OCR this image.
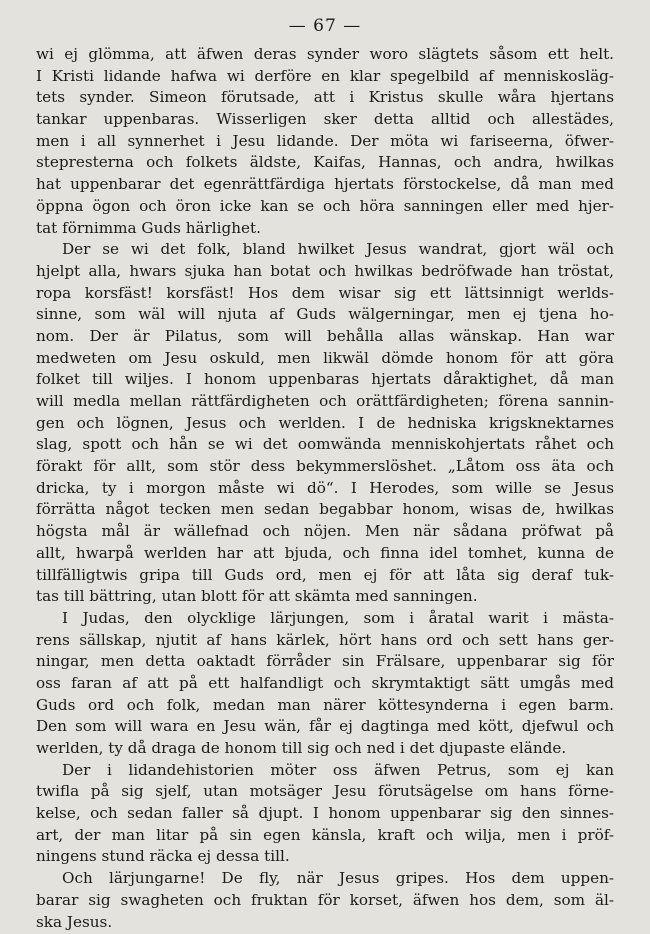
— 67 —
wi ej glömma, att äfwen deras synder woro slägtets såsom ett helt.
I Kristi lidande hafwa wi derföre en klar spegelbild af menniskosläg-
tets synder. Simeon förutsade, att i Kristus skulle wåra hjertans
tankar uppenbaras. Wisserligen sker detta alltid och allestädes,
men i all synnerhet i Jesu lidande. Der möta wi fariseerna, öfwer-
stepresterna och folkets äldste, Kaifas, Hannas, och andra, hwilkas
hat uppenbarar det egenrättfärdiga hjertats förstockelse, då man med
öppna ögon och öron icke kan se och höra sanningen eller med hjer-
tat förnimma Guds härlighet.
Der se wi det folk, bland hwilket Jesus wandrat, gjort wäl och
hjelpt alla, hwars sjuka han botat och hwilkas bedröfwade han tröstat,
ropa korsfäst! korsfäst! Hos dem wisar sig ett lättsinnigt werlds-
sinne, som wäl will njuta af Guds wälgerningar, men ej tjena ho-
nom. Der är Pilatus, som will behålla allas wänskap. Han war
medweten om Jesu oskuld, men likwäl dömde honom för att göra
folket till wiljes. I honom uppenbaras hjertats dåraktighet, då man
will medla mellan rättfärdigheten och orättfärdigheten; förena sannin-
gen och lögnen, Jesus och werlden. I de hedniska krigsknektarnes
slag, spott och hån se wi det oomwända menniskohjertats råhet och
förakt för allt, som stör dess bekymmerslöshet. „Låtom oss äta och
dricka, ty i morgon måste wi dö“. I Herodes, som wille se Jesus
förrätta något tecken men sedan begabbar honom, wisas de, hwilkas
högsta mål är wällefnad och nöjen. Men när sådana pröfwat på
allt, hwarpå werlden har att bjuda, och finna idel tomhet, kunna de
tillfälligtwis gripa till Guds ord, men ej för att låta sig deraf tuk-
tas till bättring, utan blott för att skämta med sanningen.
I Judas, den olycklige lärjungen, som i åratal warit i mästa-
rens sällskap, njutit af hans kärlek, hört hans ord och sett hans ger-
ningar, men detta oaktadt förråder sin Frälsare, uppenbarar sig för
oss faran af att på ett halfandligt och skrymtaktigt sätt umgås med
Guds ord och folk, medan man närer köttesynderna i egen barm.
Den som will wara en Jesu wän, får ej dagtinga med kött, djefwul och
werlden, ty då draga de honom till sig och ned i det djupaste elände.
Der i lidandehistorien möter oss äfwen Petrus, som ej kan
twifla på sig sjelf, utan motsäger Jesu förutsägelse om hans förne-
kelse, och sedan faller så djupt. I honom uppenbarar sig den sinnes-
art, der man litar på sin egen känsla, kraft och wilja, men i pröf-
ningens stund räcka ej dessa till.
Och lärjungarne! De fly, när Jesus gripes. Hos dem uppen-
barar sig swagheten och fruktan för korset, äfwen hos dem, som äl-
ska Jesus.
